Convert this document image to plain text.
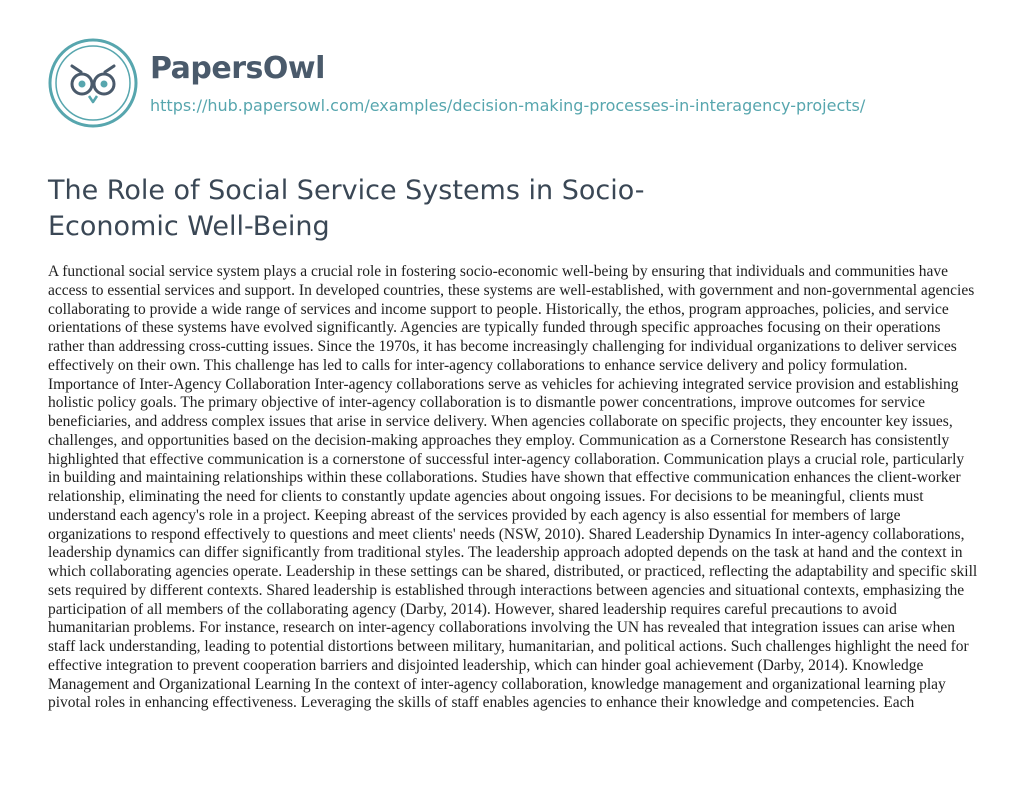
PapersOwl
https://hub.papersowl.com/examples/decision-making-processes-in-interagency-projects/
The Role of Social Service Systems in Socio-Economic Well-Being

A functional social service system plays a crucial role in fostering socio-economic well-being by ensuring that individuals and communities have access to essential services and support. In developed countries, these systems are well-established, with government and non-governmental agencies collaborating to provide a wide range of services and income support to people. Historically, the ethos, program approaches, policies, and service orientations of these systems have evolved significantly. Agencies are typically funded through specific approaches focusing on their operations rather than addressing cross-cutting issues. Since the 1970s, it has become increasingly challenging for individual organizations to deliver services effectively on their own. This challenge has led to calls for inter-agency collaborations to enhance service delivery and policy formulation. Importance of Inter-Agency Collaboration Inter-agency collaborations serve as vehicles for achieving integrated service provision and establishing holistic policy goals. The primary objective of inter-agency collaboration is to dismantle power concentrations, improve outcomes for service beneficiaries, and address complex issues that arise in service delivery. When agencies collaborate on specific projects, they encounter key issues, challenges, and opportunities based on the decision-making approaches they employ. Communication as a Cornerstone Research has consistently highlighted that effective communication is a cornerstone of successful inter-agency collaboration. Communication plays a crucial role, particularly in building and maintaining relationships within these collaborations. Studies have shown that effective communication enhances the client-worker relationship, eliminating the need for clients to constantly update agencies about ongoing issues. For decisions to be meaningful, clients must understand each agency's role in a project. Keeping abreast of the services provided by each agency is also essential for members of large organizations to respond effectively to questions and meet clients' needs (NSW, 2010). Shared Leadership Dynamics In inter-agency collaborations, leadership dynamics can differ significantly from traditional styles. The leadership approach adopted depends on the task at hand and the context in which collaborating agencies operate. Leadership in these settings can be shared, distributed, or practiced, reflecting the adaptability and specific skill sets required by different contexts. Shared leadership is established through interactions between agencies and situational contexts, emphasizing the participation of all members of the collaborating agency (Darby, 2014). However, shared leadership requires careful precautions to avoid humanitarian problems. For instance, research on inter-agency collaborations involving the UN has revealed that integration issues can arise when staff lack understanding, leading to potential distortions between military, humanitarian, and political actions. Such challenges highlight the need for effective integration to prevent cooperation barriers and disjointed leadership, which can hinder goal achievement (Darby, 2014). Knowledge Management and Organizational Learning In the context of inter-agency collaboration, knowledge management and organizational learning play pivotal roles in enhancing effectiveness. Leveraging the skills of staff enables agencies to enhance their knowledge and competencies. Each
